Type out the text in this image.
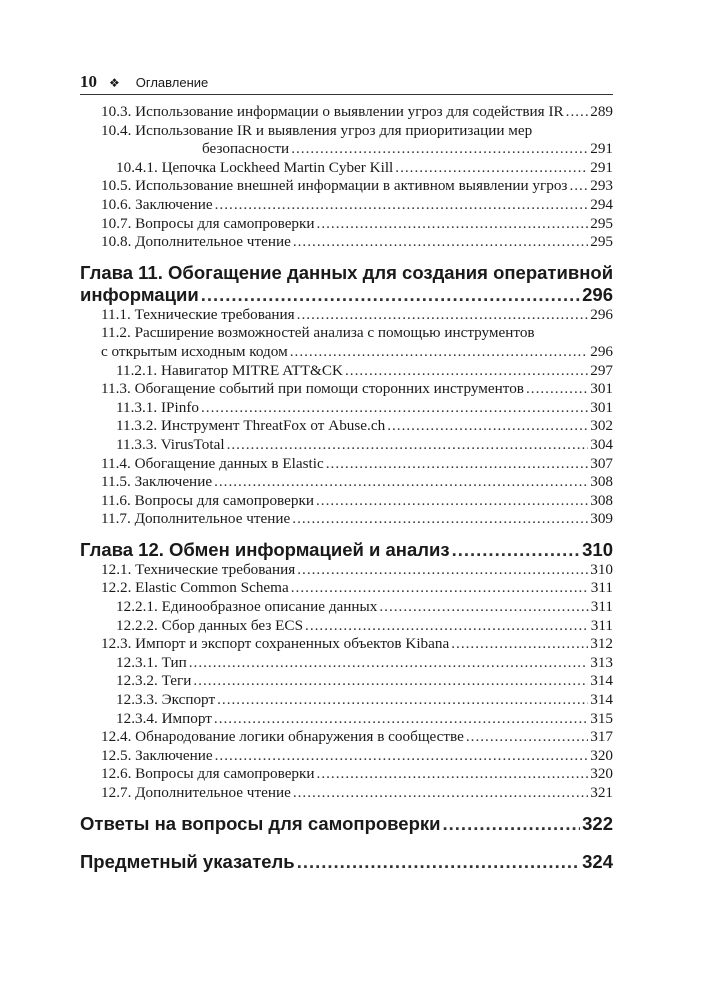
10 ❖ Оглавление
10.3. Использование информации о выявлении угроз для содействия IR
..... 289
10.4. Использование IR и выявления угроз для приоритизации мер
безопасности
.....	291
10.4.1. Цепочка Lockheed Martin Cyber Kill
.....	291
10.5. Использование внешней информации в активном выявлении угроз
..... 293
10.6. Заключение
.....	294
10.7. Вопросы для самопроверки
.....	295
10.8. Дополнительное чтение
.....	295
Глава 11. Обогащение данных для создания оперативной
информации
.....	296
11.1. Технические требования
.....	296
11.2. Расширение возможностей анализа с помощью инструментов
с открытым исходным кодом
.....	296
11.2.1. Навигатор MITRE ATT&CK
.....	297
11.3. Обогащение событий при помощи сторонних инструментов
.....	301
11.3.1. IPinfo
.....	301
11.3.2. Инструмент ThreatFox от Abuse.ch
.....	302
11.3.3. VirusTotal
.....	304
11.4. Обогащение данных в Elastic
.....	307
11.5. Заключение
.....	308
11.6. Вопросы для самопроверки
.....	308
11.7. Дополнительное чтение
.....	309
Глава 12. Обмен информацией и анализ
.....	310
12.1. Технические требования
.....	310
12.2. Elastic Common Schema
.....	311
12.2.1. Единообразное описание данных
.....	311
12.2.2. Сбор данных без ECS
.....	311
12.3. Импорт и экспорт сохраненных объектов Kibana
.....	312
12.3.1. Тип
.....	313
12.3.2. Теги
.....	314
12.3.3. Экспорт
.....	314
12.3.4. Импорт
.....	315
12.4. Обнародование логики обнаружения в сообществе
.....	317
12.5. Заключение
.....	320
12.6. Вопросы для самопроверки
.....	320
12.7. Дополнительное чтение
.....	321
Ответы на вопросы для самопроверки
.....	322
Предметный указатель
.....	324
